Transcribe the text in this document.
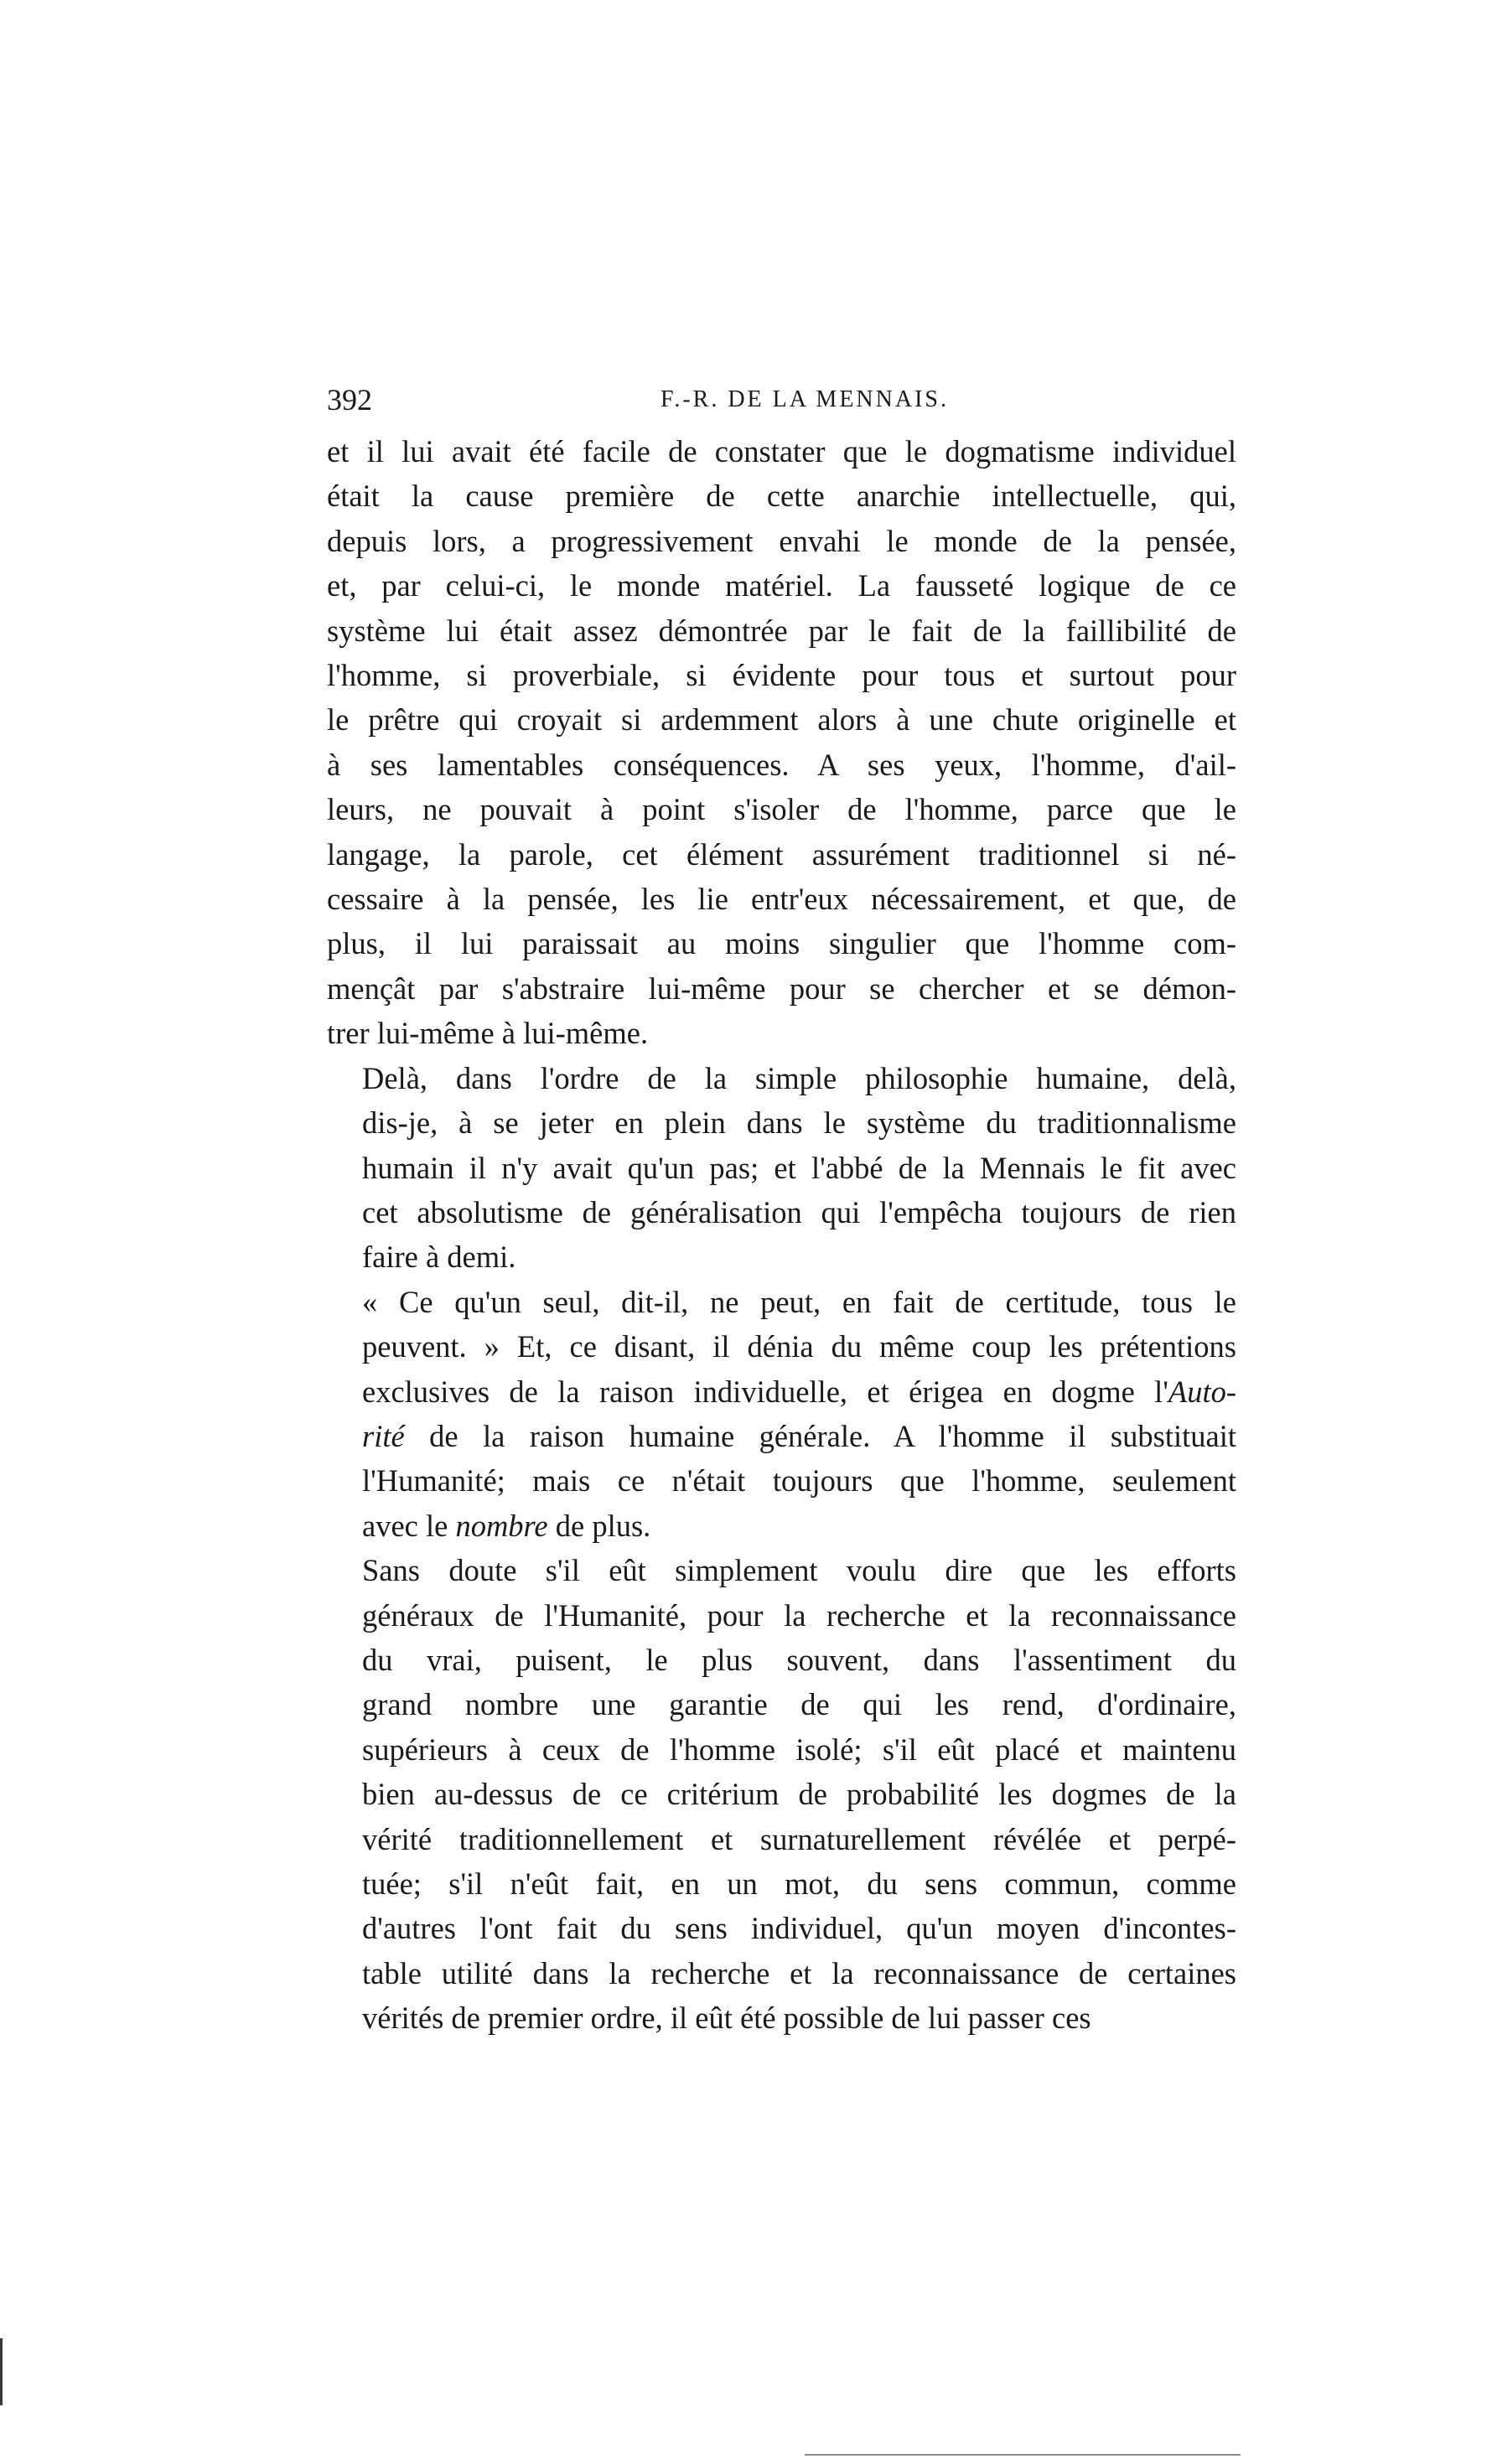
392	F.-R. DE LA MENNAIS.

et il lui avait été facile de constater que le dogmatisme individuel
était la cause première de cette anarchie intellectuelle, qui,
depuis lors, a progressivement envahi le monde de la pensée,
et, par celui-ci, le monde matériel. La fausseté logique de ce
système lui était assez démontrée par le fait de la faillibilité de
l'homme, si proverbiale, si évidente pour tous et surtout pour
le prêtre qui croyait si ardemment alors à une chute originelle et
à ses lamentables conséquences. A ses yeux, l'homme, d'ail-
leurs, ne pouvait à point s'isoler de l'homme, parce que le
langage, la parole, cet élément assurément traditionnel si né-
cessaire à la pensée, les lie entr'eux nécessairement, et que, de
plus, il lui paraissait au moins singulier que l'homme com-
mençât par s'abstraire lui-même pour se chercher et se démon-
trer lui-même à lui-même.

Delà, dans l'ordre de la simple philosophie humaine, delà,
dis-je, à se jeter en plein dans le système du traditionnalisme
humain il n'y avait qu'un pas; et l'abbé de la Mennais le fit avec
cet absolutisme de généralisation qui l'empêcha toujours de rien
faire à demi.

« Ce qu'un seul, dit-il, ne peut, en fait de certitude, tous le
peuvent. » Et, ce disant, il dénia du même coup les prétentions
exclusives de la raison individuelle, et érigea en dogme l'Auto-
rité de la raison humaine générale. A l'homme il substituait
l'Humanité; mais ce n'était toujours que l'homme, seulement
avec le nombre de plus.

Sans doute s'il eût simplement voulu dire que les efforts
généraux de l'Humanité, pour la recherche et la reconnaissance
du vrai, puisent, le plus souvent, dans l'assentiment du
grand nombre une garantie de qui les rend, d'ordinaire,
supérieurs à ceux de l'homme isolé; s'il eût placé et maintenu
bien au-dessus de ce critérium de probabilité les dogmes de la
vérité traditionnellement et surnaturellement révélée et perpé-
tuée; s'il n'eût fait, en un mot, du sens commun, comme
d'autres l'ont fait du sens individuel, qu'un moyen d'incontes-
table utilité dans la recherche et la reconnaissance de certaines
vérités de premier ordre, il eût été possible de lui passer ces
